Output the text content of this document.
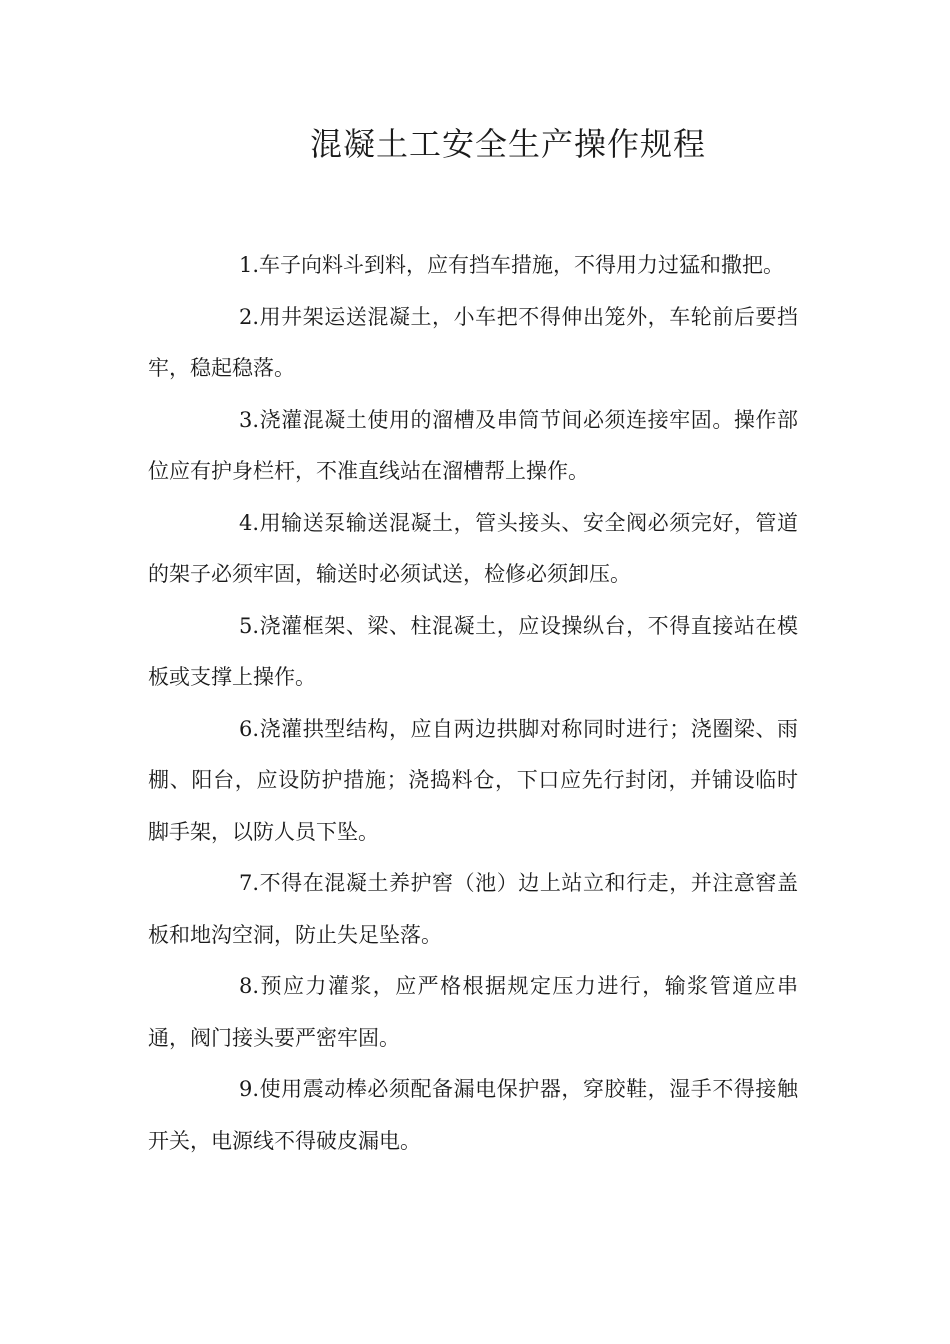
混凝土工安全生产操作规程

1.车子向料斗到料，应有挡车措施，不得用力过猛和撒把。

2.用井架运送混凝土，小车把不得伸出笼外，车轮前后要挡牢，稳起稳落。

3.浇灌混凝土使用的溜槽及串筒节间必须连接牢固。操作部位应有护身栏杆，不准直线站在溜槽帮上操作。

4.用输送泵输送混凝土，管头接头、安全阀必须完好，管道的架子必须牢固，输送时必须试送，检修必须卸压。

5.浇灌框架、梁、柱混凝土，应设操纵台，不得直接站在模板或支撑上操作。

6.浇灌拱型结构，应自两边拱脚对称同时进行；浇圈梁、雨棚、阳台，应设防护措施；浇捣料仓，下口应先行封闭，并铺设临时脚手架，以防人员下坠。

7.不得在混凝土养护窖（池）边上站立和行走，并注意窖盖板和地沟空洞，防止失足坠落。

8.预应力灌浆，应严格根据规定压力进行，输浆管道应串通，阀门接头要严密牢固。

9.使用震动棒必须配备漏电保护器，穿胶鞋，湿手不得接触开关，电源线不得破皮漏电。
